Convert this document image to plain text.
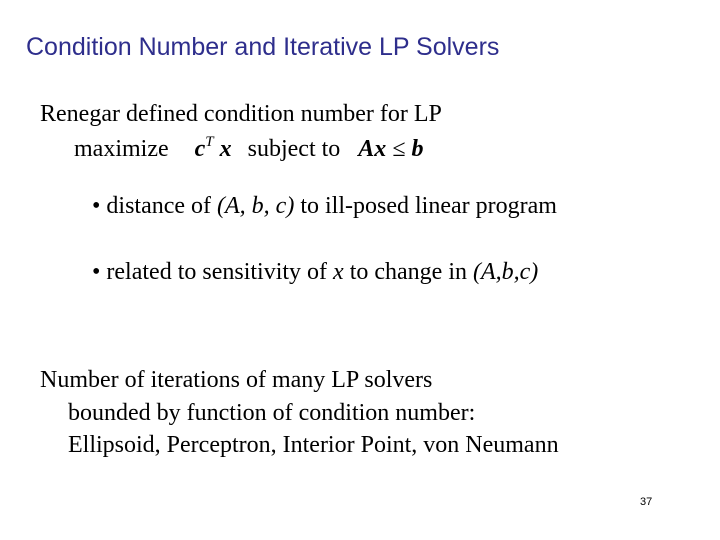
Condition Number and Iterative LP Solvers
Renegar defined condition number for LP
maximize $c^T$ x subject to Ax ≤ b
• distance of (A, b, c) to ill-posed linear program
• related to sensitivity of x to change in (A,b,c)
Number of iterations of many LP solvers
bounded by function of condition number:
Ellipsoid, Perceptron, Interior Point, von Neumann
37
